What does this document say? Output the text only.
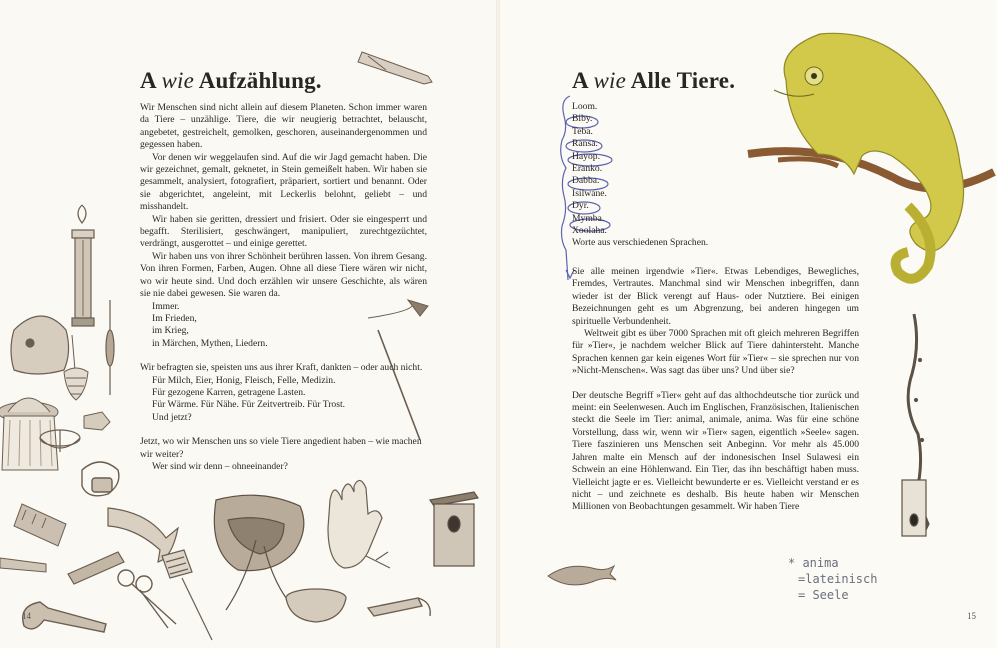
A wie Aufzählung.

Wir Menschen sind nicht allein auf diesem Planeten. Schon immer waren da Tiere – unzählige. Tiere, die wir neugierig betrachtet, belauscht, angebetet, gestreichelt, gemolken, geschoren, auseinandergenommen und gegessen haben.

Vor denen wir weggelaufen sind. Auf die wir Jagd gemacht haben. Die wir gezeichnet, gemalt, geknetet, in Stein gemeißelt haben. Wir haben sie gesammelt, analysiert, fotografiert, präpariert, sortiert und benannt. Oder sie abgerichtet, angeleint, mit Leckerlis belohnt, geliebt – und misshandelt.

Wir haben sie geritten, dressiert und frisiert. Oder sie eingesperrt und begafft. Sterilisiert, geschwängert, manipuliert, zurechtgezüchtet, verdrängt, ausgerottet – und einige gerettet.

Wir haben uns von ihrer Schönheit berühren lassen. Von ihrem Gesang. Von ihren Formen, Farben, Augen. Ohne all diese Tiere wären wir nicht, wo wir heute sind. Und doch erzählen wir unsere Geschichte, als wären sie nie dabei gewesen. Sie waren da.

Immer.

Im Frieden,

im Krieg,

in Märchen, Mythen, Liedern.

Wir befragten sie, speisten uns aus ihrer Kraft, dankten – oder auch nicht.

Für Milch, Eier, Honig, Fleisch, Felle, Medizin.

Für gezogene Karren, getragene Lasten.

Für Wärme. Für Nähe. Für Zeitvertreib. Für Trost.

Und jetzt?

Jetzt, wo wir Menschen uns so viele Tiere angedient haben – wie machen wir weiter?

Wer sind wir denn – ohneeinander?

14
A wie Alle Tiere.
Loom.
Biby.
Teba.
Ransa.
Hayop.
Eranko.
Dabba.
Isilwane.
Dyr.
Mymba.
Xoolaha.
Worte aus verschiedenen Sprachen.

Sie alle meinen irgendwie »Tier«. Etwas Lebendiges, Bewegliches, Fremdes, Vertrautes. Manchmal sind wir Menschen inbegriffen, dann wieder ist der Blick verengt auf Haus- oder Nutztiere. Bei einigen Bezeichnungen geht es um Abgrenzung, bei anderen hingegen um spirituelle Verbundenheit.

Weltweit gibt es über 7000 Sprachen mit oft gleich mehreren Begriffen für »Tier«, je nachdem welcher Blick auf Tiere dahintersteht. Manche Sprachen kennen gar kein eigenes Wort für »Tier« – sie sprechen nur von »Nicht-Menschen«. Was sagt das über uns? Und über sie?

Der deutsche Begriff »Tier« geht auf das althochdeutsche tior zurück und meint: ein Seelenwesen. Auch im Englischen, Französischen, Italienischen steckt die Seele im Tier: animal, animale, anima. Was für eine schöne Vorstellung, dass wir, wenn wir »Tier« sagen, eigentlich »Seele« sagen. Tiere faszinieren uns Menschen seit Anbeginn. Vor mehr als 45.000 Jahren malte ein Mensch auf der indonesischen Insel Sulawesi ein Schwein an eine Höhlenwand. Ein Tier, das ihn beschäftigt haben muss. Vielleicht jagte er es. Vielleicht bewunderte er es. Vielleicht verstand er es nicht – und zeichnete es deshalb. Bis heute haben wir Menschen Millionen von Beobachtungen gesammelt. Wir haben Tiere

* anima
=lateinisch
= Seele
15
